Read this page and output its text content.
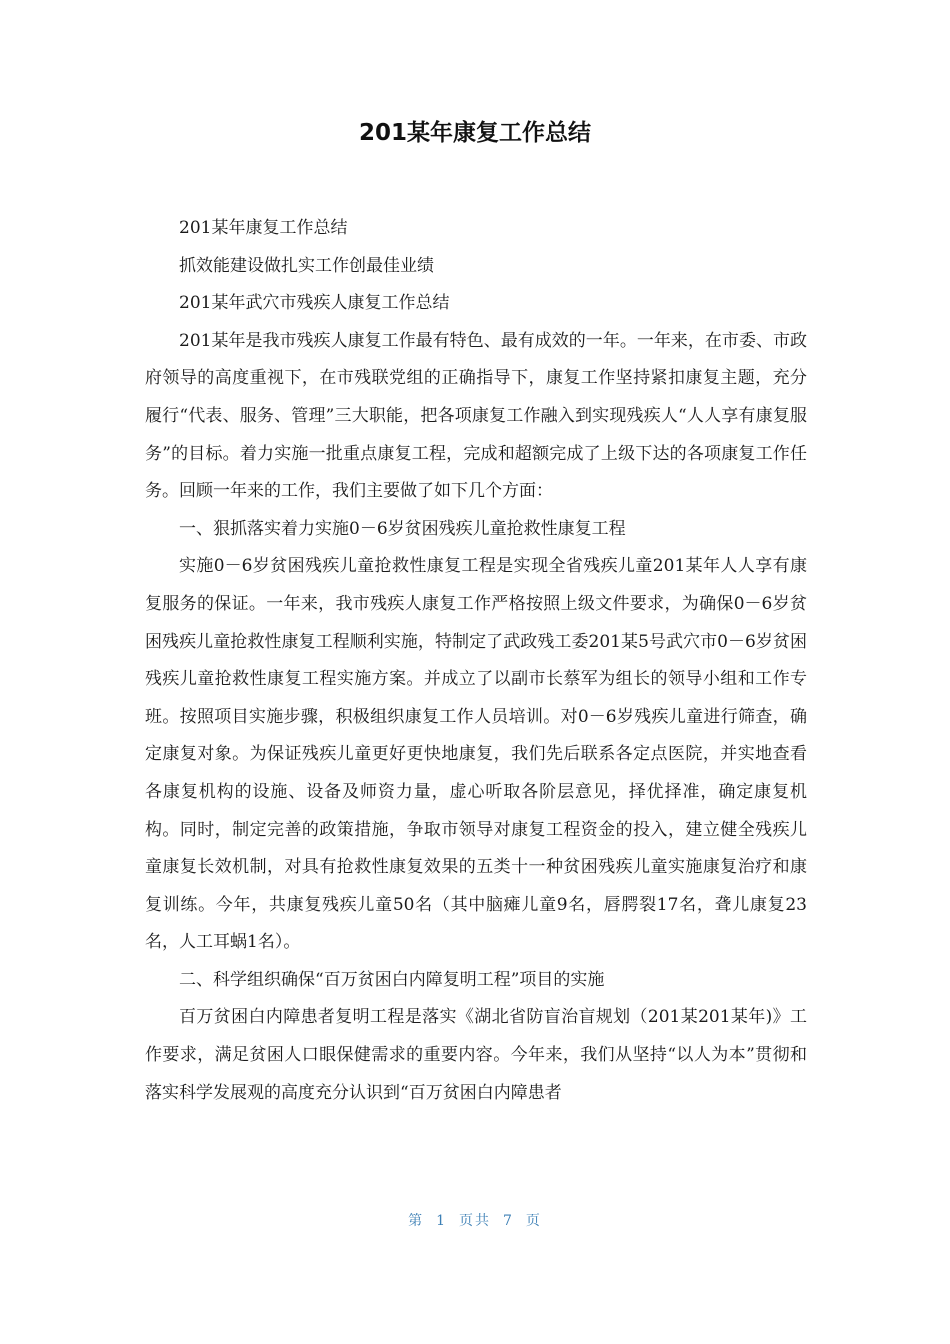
201某年康复工作总结

201某年康复工作总结

抓效能建设做扎实工作创最佳业绩

201某年武穴市残疾人康复工作总结

201某年是我市残疾人康复工作最有特色、最有成效的一年。一年来，在市委、市政府领导的高度重视下，在市残联党组的正确指导下，康复工作坚持紧扣康复主题，充分履行“代表、服务、管理”三大职能，把各项康复工作融入到实现残疾人“人人享有康复服务”的目标。着力实施一批重点康复工程，完成和超额完成了上级下达的各项康复工作任务。回顾一年来的工作，我们主要做了如下几个方面：

一、狠抓落实着力实施0－6岁贫困残疾儿童抢救性康复工程

实施0－6岁贫困残疾儿童抢救性康复工程是实现全省残疾儿童201某年人人享有康复服务的保证。一年来，我市残疾人康复工作严格按照上级文件要求，为确保0－6岁贫困残疾儿童抢救性康复工程顺利实施，特制定了武政残工委201某5号武穴市0－6岁贫困残疾儿童抢救性康复工程实施方案。并成立了以副市长蔡军为组长的领导小组和工作专班。按照项目实施步骤，积极组织康复工作人员培训。对0－6岁残疾儿童进行筛查，确定康复对象。为保证残疾儿童更好更快地康复，我们先后联系各定点医院，并实地查看各康复机构的设施、设备及师资力量，虚心听取各阶层意见，择优择准，确定康复机构。同时，制定完善的政策措施，争取市领导对康复工程资金的投入，建立健全残疾儿童康复长效机制，对具有抢救性康复效果的五类十一种贫困残疾儿童实施康复治疗和康复训练。今年，共康复残疾儿童50名（其中脑瘫儿童9名，唇腭裂17名，聋儿康复23名，人工耳蜗1名）。

二、科学组织确保“百万贫困白内障复明工程”项目的实施

百万贫困白内障患者复明工程是落实《湖北省防盲治盲规划（201某201某年)》工作要求，满足贫困人口眼保健需求的重要内容。今年来，我们从坚持“以人为本”贯彻和落实科学发展观的高度充分认识到“百万贫困白内障患者

第 1 页共 7 页
